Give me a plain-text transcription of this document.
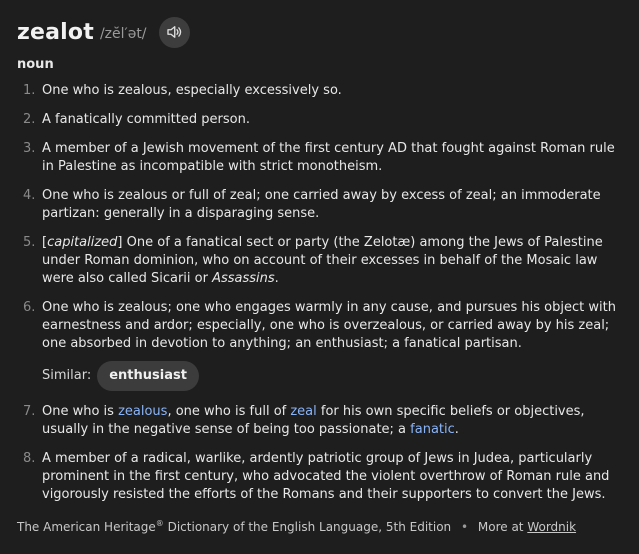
zealot /zĕl′ət/
noun
1. One who is zealous, especially excessively so.
2. A fanatically committed person.
3. A member of a Jewish movement of the first century AD that fought against Roman rule in Palestine as incompatible with strict monotheism.
4. One who is zealous or full of zeal; one carried away by excess of zeal; an immoderate partizan: generally in a disparaging sense.
5. [capitalized] One of a fanatical sect or party (the Zelotæ) among the Jews of Palestine under Roman dominion, who on account of their excesses in behalf of the Mosaic law were also called Sicarii or Assassins.
6. One who is zealous; one who engages warmly in any cause, and pursues his object with earnestness and ardor; especially, one who is overzealous, or carried away by his zeal; one absorbed in devotion to anything; an enthusiast; a fanatical partisan.
Similar:	enthusiast
7. One who is zealous, one who is full of zeal for his own specific beliefs or objectives, usually in the negative sense of being too passionate; a fanatic.
8. A member of a radical, warlike, ardently patriotic group of Jews in Judea, particularly prominent in the first century, who advocated the violent overthrow of Roman rule and vigorously resisted the efforts of the Romans and their supporters to convert the Jews.
The American Heritage® Dictionary of the English Language, 5th Edition • More at Wordnik
